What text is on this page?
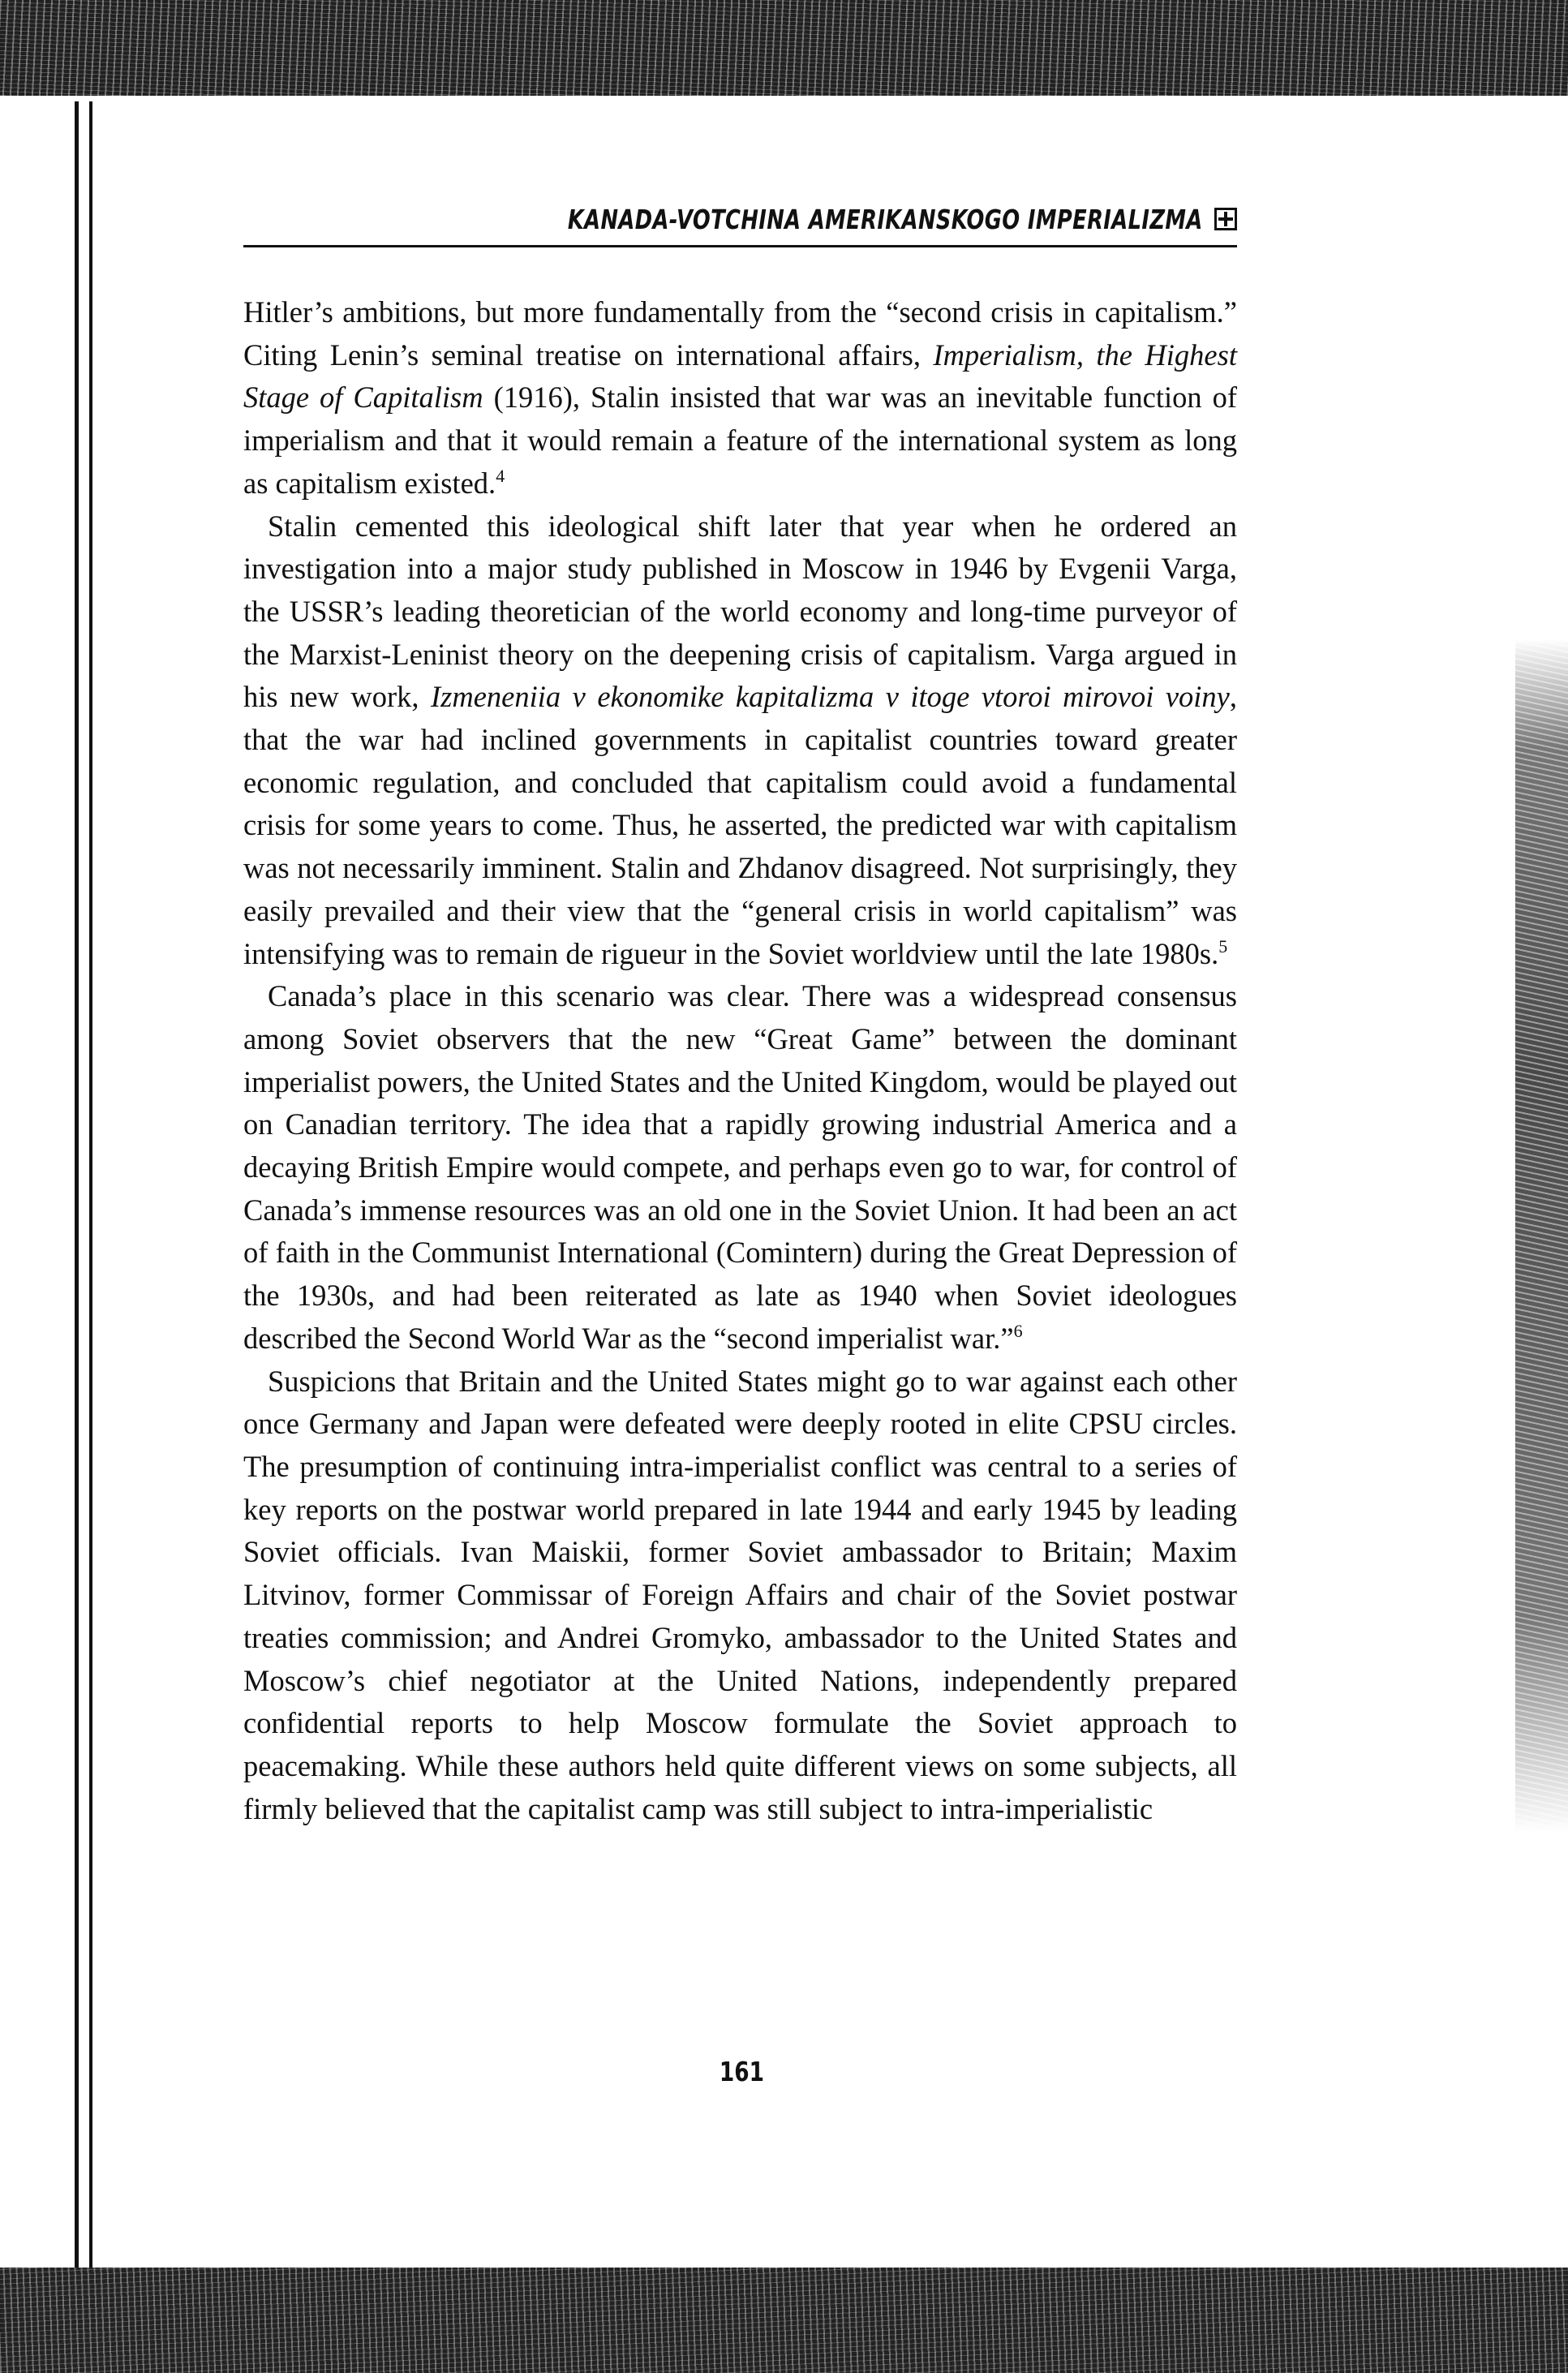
KANADA-VOTCHINA AMERIKANSKOGO IMPERIALIZMA

Hitler’s ambitions, but more fundamentally from the “second crisis in capitalism.” Citing Lenin’s seminal treatise on international affairs, Imperialism, the Highest Stage of Capitalism (1916), Stalin insisted that war was an inevitable function of imperialism and that it would remain a feature of the international system as long as capitalism existed.$^4$

Stalin cemented this ideological shift later that year when he ordered an investigation into a major study published in Moscow in 1946 by Evgenii Varga, the USSR’s leading theoretician of the world economy and long-time purveyor of the Marxist-Leninist theory on the deepening crisis of capitalism. Varga argued in his new work, Izmeneniia v ekonomike kapitalizma v itoge vtoroi mirovoi voiny, that the war had inclined governments in capitalist countries toward greater economic regulation, and concluded that capitalism could avoid a fundamental crisis for some years to come. Thus, he asserted, the predicted war with capitalism was not necessarily imminent. Stalin and Zhdanov disagreed. Not surprisingly, they easily prevailed and their view that the “general crisis in world capitalism” was intensifying was to remain de rigueur in the Soviet worldview until the late 1980s.$^5$

Canada’s place in this scenario was clear. There was a widespread consensus among Soviet observers that the new “Great Game” between the dominant imperialist powers, the United States and the United Kingdom, would be played out on Canadian territory. The idea that a rapidly growing industrial America and a decaying British Empire would compete, and perhaps even go to war, for control of Canada’s immense resources was an old one in the Soviet Union. It had been an act of faith in the Communist International (Comintern) during the Great Depression of the 1930s, and had been reiterated as late as 1940 when Soviet ideologues described the Second World War as the “second imperialist war.”$^6$

Suspicions that Britain and the United States might go to war against each other once Germany and Japan were defeated were deeply rooted in elite CPSU circles. The presumption of continuing intra-imperialist conflict was central to a series of key reports on the postwar world prepared in late 1944 and early 1945 by leading Soviet officials. Ivan Maiskii, former Soviet ambassador to Britain; Maxim Litvinov, former Commissar of Foreign Affairs and chair of the Soviet postwar treaties commission; and Andrei Gromyko, ambassador to the United States and Moscow’s chief negotiator at the United Nations, independently prepared confidential reports to help Moscow formulate the Soviet approach to peacemaking. While these authors held quite different views on some subjects, all firmly believed that the capitalist camp was still subject to intra-imperialistic

161
